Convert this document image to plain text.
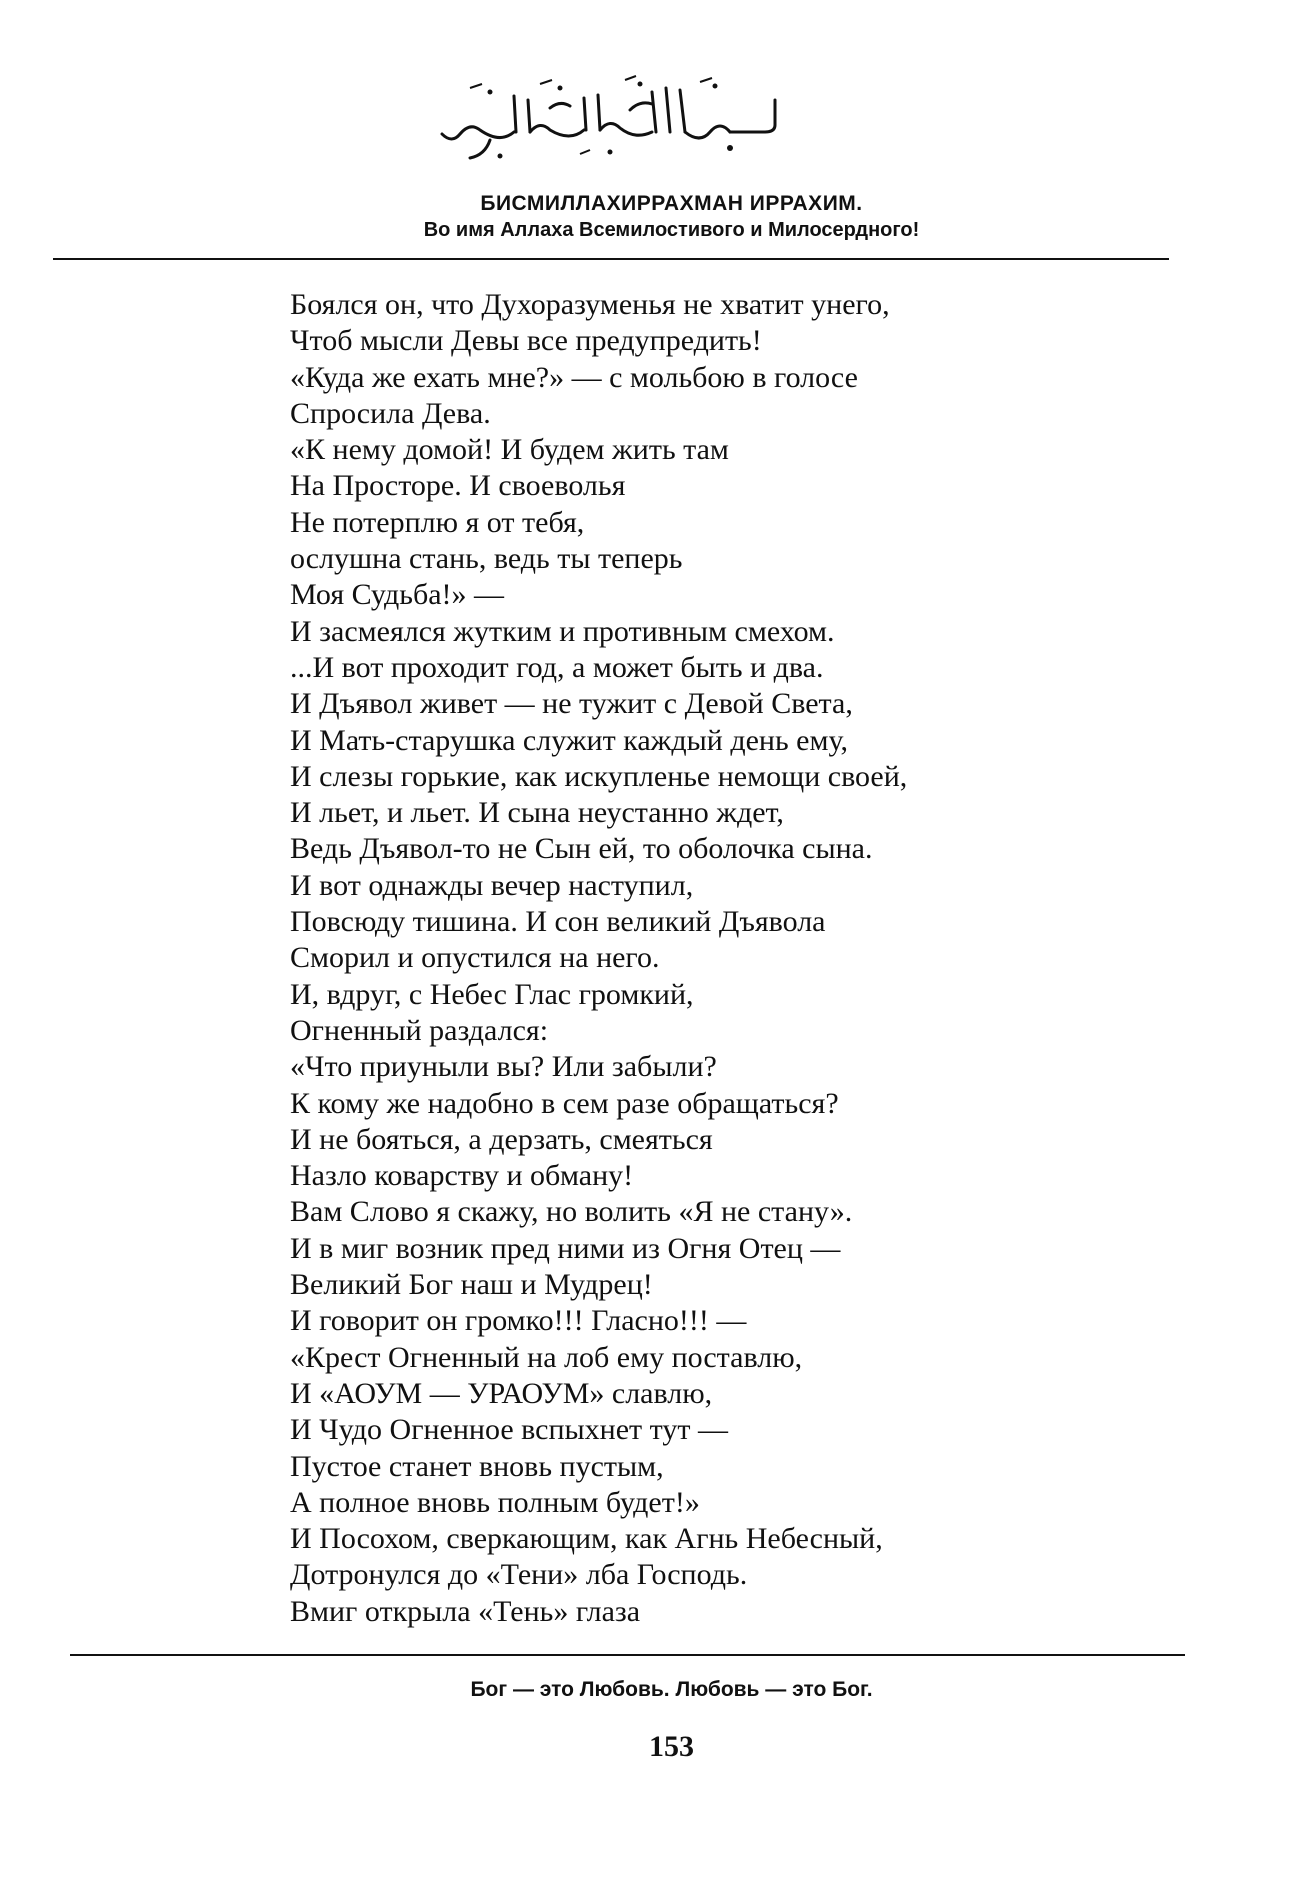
БИСМИЛЛАХИРРАХМАН ИРРАХИМ.
Во имя Аллаха Всемилостивого и Милосердного!
Боялся он, что Духоразуменья не хватит унего,
Чтоб мысли Девы все предупредить!
«Куда же ехать мне?» — с мольбою в голосе
Спросила Дева.
«К нему домой! И будем жить там
На Просторе. И своеволья
Не потерплю я от тебя,
ослушна стань, ведь ты теперь
Моя Судьба!» —
И засмеялся жутким и противным смехом.
...И вот проходит год, а может быть и два.
И Дъявол живет — не тужит с Девой Света,
И Мать-старушка служит каждый день ему,
И слезы горькие, как искупленье немощи своей,
И льет, и льет. И сына неустанно ждет,
Ведь Дъявол-то не Сын ей, то оболочка сына.
И вот однажды вечер наступил,
Повсюду тишина. И сон великий Дъявола
Сморил и опустился на него.
И, вдруг, с Небес Глас громкий,
Огненный раздался:
«Что приуныли вы? Или забыли?
К кому же надобно в сем разе обращаться?
И не бояться, а дерзать, смеяться
Назло коварству и обману!
Вам Слово я скажу, но волить «Я не стану».
И в миг возник пред ними из Огня Отец —
Великий Бог наш и Мудрец!
И говорит он громко!!! Гласно!!! —
«Крест Огненный на лоб ему поставлю,
И «АОУМ — УРАОУМ» славлю,
И Чудо Огненное вспыхнет тут —
Пустое станет вновь пустым,
А полное вновь полным будет!»
И Посохом, сверкающим, как Агнь Небесный,
Дотронулся до «Тени» лба Господь.
Вмиг открыла «Тень» глаза
Бог — это Любовь. Любовь — это Бог.
153
